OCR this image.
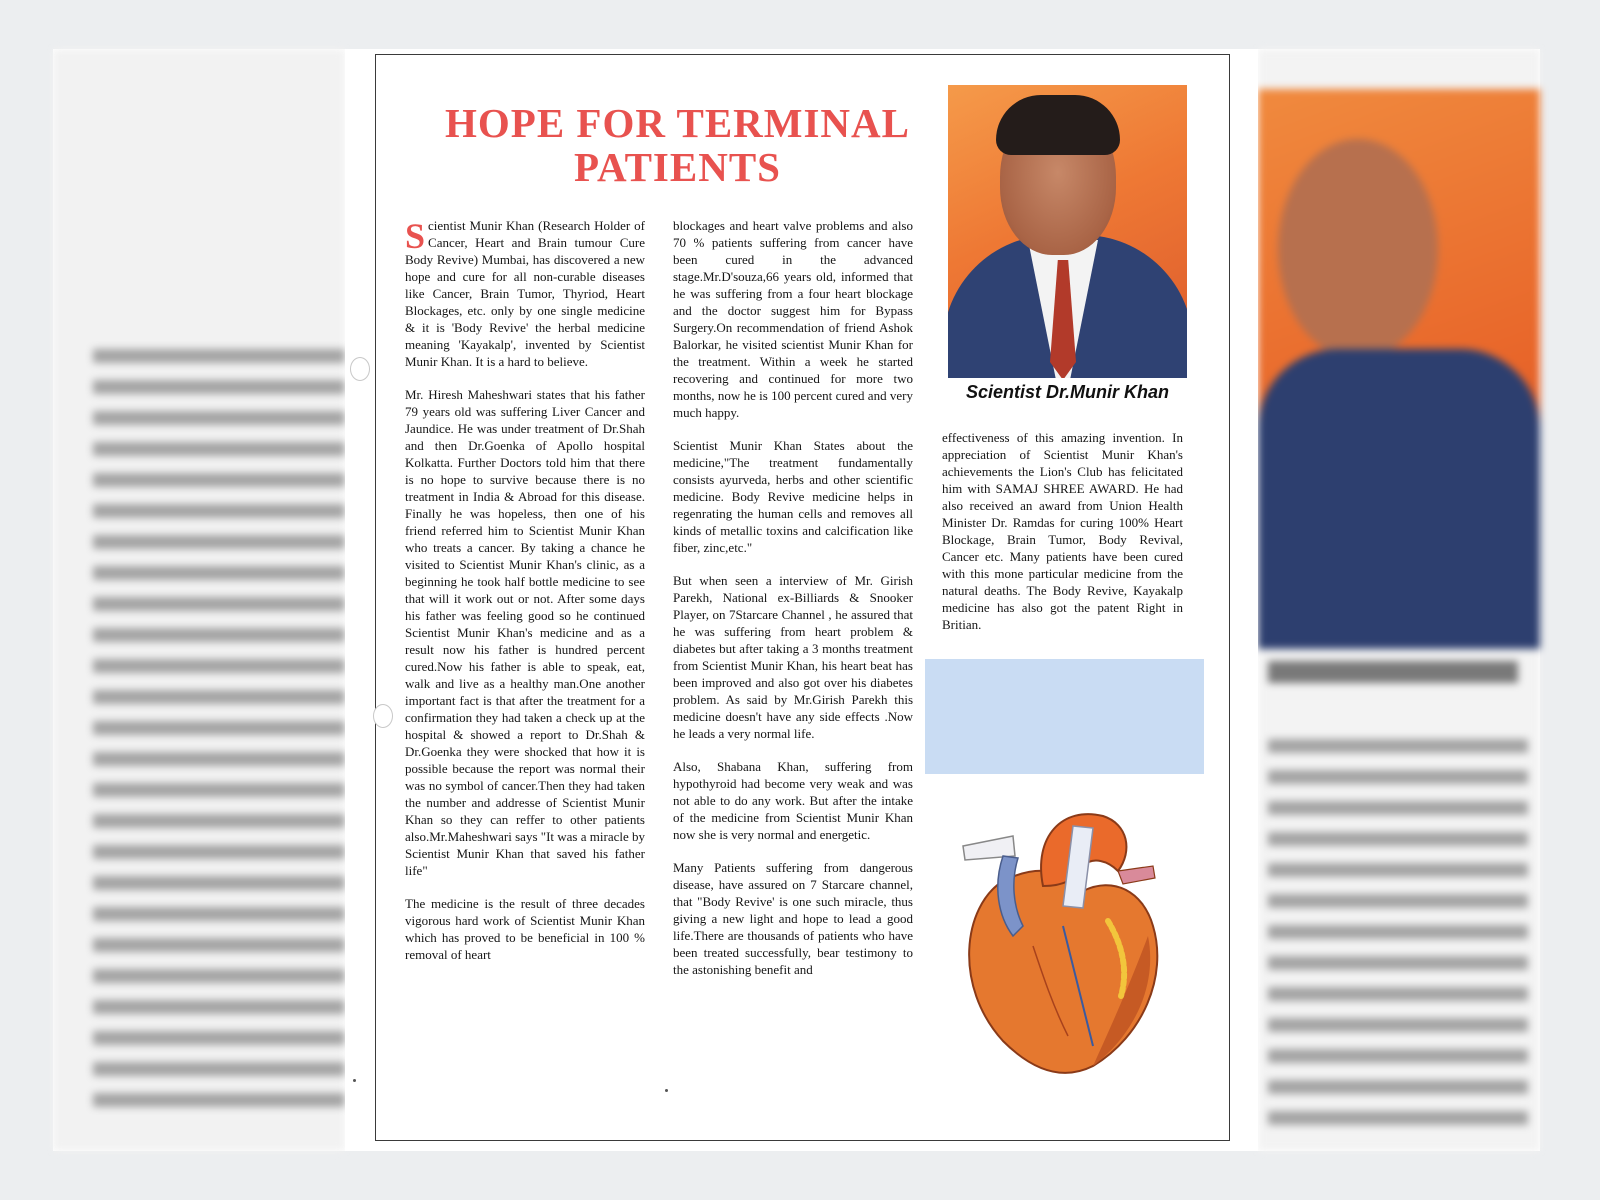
HOPE FOR TERMINAL PATIENTS

Scientist Munir Khan (Research Holder of Cancer, Heart and Brain tumour Cure Body Revive) Mumbai, has discovered a new hope and cure for all non-curable diseases like Cancer, Brain Tumor, Thyriod, Heart Blockages, etc. only by one single medicine & it is 'Body Revive' the herbal medicine meaning 'Kayakalp', invented by Scientist Munir Khan. It is a hard to believe.

Mr. Hiresh Maheshwari states that his father 79 years old was suffering Liver Cancer and Jaundice. He was under treatment of Dr.Shah and then Dr.Goenka of Apollo hospital Kolkatta. Further Doctors told him that there is no hope to survive because there is no treatment in India & Abroad for this disease. Finally he was hopeless, then one of his friend referred him to Scientist Munir Khan who treats a cancer. By taking a chance he visited to Scientist Munir Khan's clinic, as a beginning he took half bottle medicine to see that will it work out or not. After some days his father was feeling good so he continued Scientist Munir Khan's medicine and as a result now his father is hundred percent cured.Now his father is able to speak, eat, walk and live as a healthy man.One another important fact is that after the treatment for a confirmation they had taken a check up at the hospital & showed a report to Dr.Shah & Dr.Goenka they were shocked that how it is possible because the report was normal their was no symbol of cancer.Then they had taken the number and addresse of Scientist Munir Khan so they can reffer to other patients also.Mr.Maheshwari says "It was a miracle by Scientist Munir Khan that saved his father life"

The medicine is the result of three decades vigorous hard work of Scientist Munir Khan which has proved to be beneficial in 100 % removal of heart

blockages and heart valve problems and also 70 % patients suffering from cancer have been cured in the advanced stage.Mr.D'souza,66 years old, informed that he was suffering from a four heart blockage and the doctor suggest him for Bypass Surgery.On recommendation of friend Ashok Balorkar, he visited scientist Munir Khan for the treatment. Within a week he started recovering and continued for more two months, now he is 100 percent cured and very much happy.

Scientist Munir Khan States about the medicine,"The treatment fundamentally consists ayurveda, herbs and other scientific medicine. Body Revive medicine helps in regenrating the human cells and removes all kinds of metallic toxins and calcification like fiber, zinc,etc."

But when seen a interview of Mr. Girish Parekh, National ex-Billiards & Snooker Player, on 7Starcare Channel , he assured that he was suffering from heart problem & diabetes but after taking a 3 months treatment from Scientist Munir Khan, his heart beat has been improved and also got over his diabetes problem. As said by Mr.Girish Parekh this medicine doesn't have any side effects .Now he leads a very normal life.

Also, Shabana Khan, suffering from hypothyroid had become very weak and was not able to do any work. But after the intake of the medicine from Scientist Munir Khan now she is very normal and energetic.

Many Patients suffering from dangerous disease, have assured on 7 Starcare channel, that "Body Revive' is one such miracle, thus giving a new light and hope to lead a good life.There are thousands of patients who have been treated successfully, bear testimony to the astonishing benefit and

Scientist Dr.Munir Khan

effectiveness of this amazing invention. In appreciation of Scientist Munir Khan's achievements the Lion's Club has felicitated him with SAMAJ SHREE AWARD. He had also received an award from Union Health Minister Dr. Ramdas for curing 100% Heart Blockage, Brain Tumor, Body Revival, Cancer etc. Many patients have been cured with this mone particular medicine from the natural deaths. The Body Revive, Kayakalp medicine has also got the patent Right in Britian.
